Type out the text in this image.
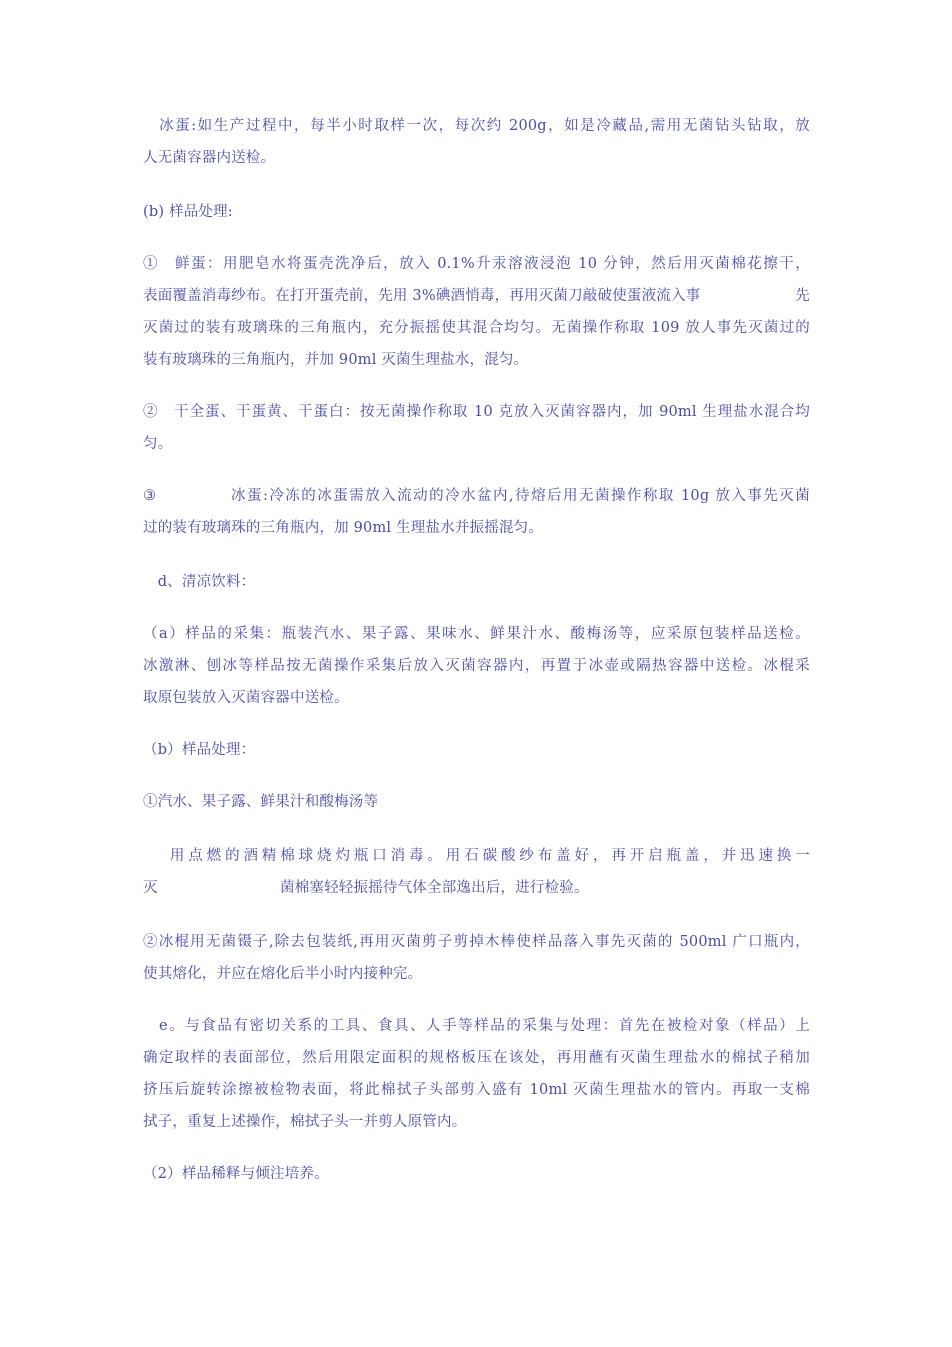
　冰蛋:如生产过程中，每半小时取样一次，每次约 200g，如是冷藏品,需用无菌钻头钻取，放
人无菌容器内送检。
(b) 样品处理:
①　鲜蛋：用肥皂水将蛋壳洗净后，放入 0.1%升汞溶液浸泡 10 分钟，然后用灭菌棉花擦干，
表面覆盖消毒纱布。在打开蛋壳前，先用 3%碘酒悄毒，再用灭菌刀敲破使蛋液流入事	先
灭菌过的装有玻璃珠的三角瓶内，充分振摇使其混合均匀。无菌操作称取 109 放人事先灭菌过的
装有玻璃珠的三角瓶内，并加 90ml 灭菌生理盐水，混匀。
②　干全蛋、干蛋黄、干蛋白：按无菌操作称取 10 克放入灭菌容器内，加 90ml 生理盐水混合均
匀。
③	冰蛋:冷冻的冰蛋需放入流动的冷水盆内,待熔后用无菌操作称取 10g 放入事先灭菌
过的装有玻璃珠的三角瓶内，加 90ml 生理盐水并振摇混匀。
　d、清凉饮料：
（a）样品的采集：瓶装汽水、果子露、果味水、鲜果汁水、酸梅汤等，应采原包装样品送检。
冰激淋、刨冰等样品按无菌操作采集后放入灭菌容器内，再置于冰壶或隔热容器中送检。冰棍采
取原包装放入灭菌容器中送检。
（b）样品处理：
①汽水、果子露、鲜果汁和酸梅汤等
　 用点燃的酒精棉球烧灼瓶口消毒。用石碳酸纱布盖好，再开启瓶盖，并迅速换一
灭	菌棉塞轻轻振摇待气体全部逸出后，进行检验。
②冰棍用无菌镊子,除去包装纸,再用灭菌剪子剪掉木棒使样品落入事先灭菌的 500ml 广口瓶内，
使其熔化，并应在熔化后半小时内接种完。
　e。与食品有密切关系的工具、食具、人手等样品的采集与处理：首先在被检对象（样品）上
确定取样的表面部位，然后用限定面积的规格板压在该处，再用蘸有灭菌生理盐水的棉拭子稍加
挤压后旋转涂擦被检物表面，将此棉拭子头部剪入盛有 10ml 灭菌生理盐水的管内。再取一支棉
拭子，重复上述操作，棉拭子头一并剪人原管内。
（2）样品稀释与倾注培养。
